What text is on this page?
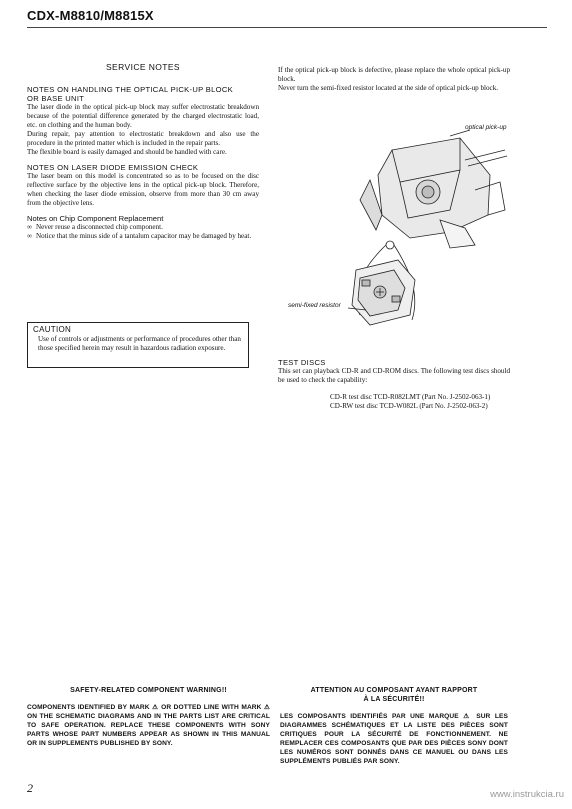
CDX-M8810/M8815X
SERVICE NOTES
NOTES ON HANDLING THE OPTICAL PICK-UP BLOCK
OR BASE UNIT

The laser diode in the optical pick-up block may suffer electrostatic breakdown because of the potential difference generated by the charged electrostatic load, etc. on clothing and the human body.

During repair, pay attention to electrostatic breakdown and also use the procedure in the printed matter which is included in the repair parts.

The flexible board is easily damaged and should be handled with care.

NOTES ON LASER DIODE EMISSION CHECK

The laser beam on this model is concentrated so as to be focused on the disc reflective surface by the objective lens in the optical pick-up block. Therefore, when checking the laser diode emission, observe from more than 30 cm away from the objective lens.

Notes on Chip Component Replacement
∞ Never reuse a disconnected chip component.
∞ Notice that the minus side of a tantalum capacitor may be damaged by heat.
CAUTION
Use of controls or adjustments or performance of procedures other than those specified herein may result in hazardous radiation exposure.

If the optical pick-up block is defective, please replace the whole optical pick-up block.

Never turn the semi-fixed resistor located at the side of optical pick-up block.

optical pick-up
semi-fixed resistor
TEST DISCS

This set can playback CD-R and CD-ROM discs. The following test discs should be used to check the capability:

CD-R test disc TCD-R082LMT (Part No. J-2502-063-1)
CD-RW test disc TCD-W082L (Part No. J-2502-063-2)
SAFETY-RELATED COMPONENT WARNING!!
COMPONENTS IDENTIFIED BY MARK ⚠ OR DOTTED LINE WITH MARK ⚠ ON THE SCHEMATIC DIAGRAMS AND IN THE PARTS LIST ARE CRITICAL TO SAFE OPERATION. REPLACE THESE COMPONENTS WITH SONY PARTS WHOSE PART NUMBERS APPEAR AS SHOWN IN THIS MANUAL OR IN SUPPLEMENTS PUBLISHED BY SONY.
ATTENTION AU COMPOSANT AYANT RAPPORT
À LA SÉCURITÉ!!
LES COMPOSANTS IDENTIFIÉS PAR UNE MARQUE ⚠ SUR LES DIAGRAMMES SCHÉMATIQUES ET LA LISTE DES PIÈCES SONT CRITIQUES POUR LA SÉCURITÉ DE FONCTIONNEMENT. NE REMPLACER CES COMPOSANTS QUE PAR DES PIÈCES SONY DONT LES NUMÉROS SONT DONNÉS DANS CE MANUEL OU DANS LES SUPPLÉMENTS PUBLIÉS PAR SONY.
2	www.instrukcia.ru
